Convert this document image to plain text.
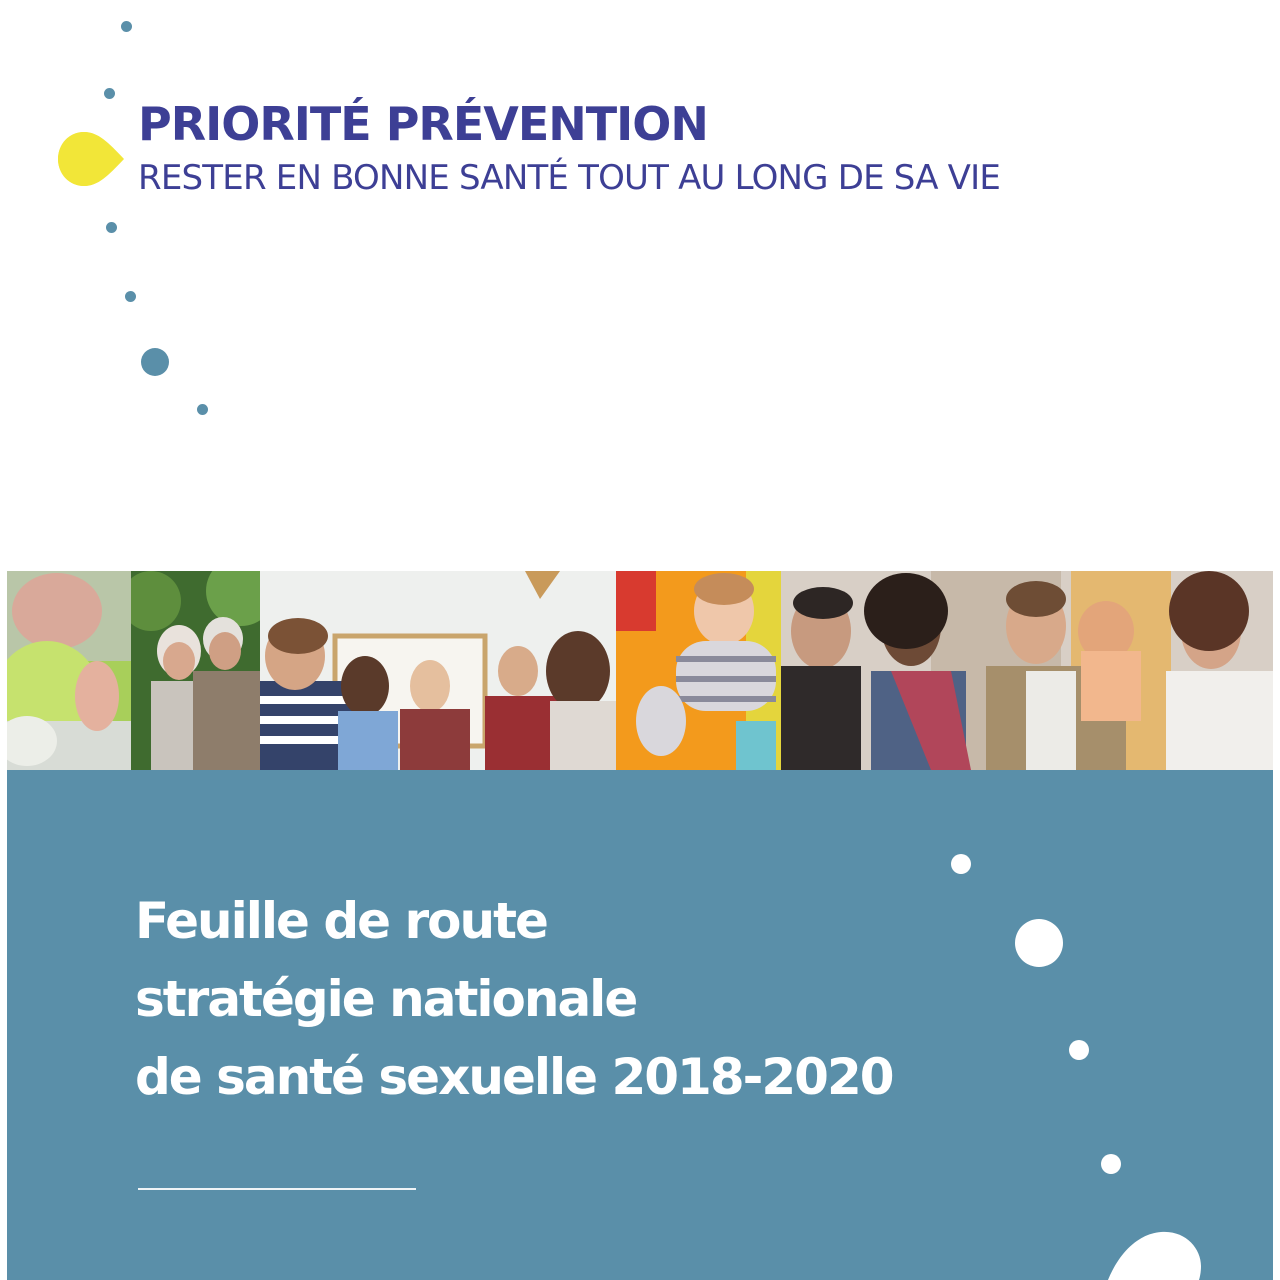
PRIORITÉ PRÉVENTION
RESTER EN BONNE SANTÉ TOUT AU LONG DE SA VIE
Feuille de route
stratégie nationale
de santé sexuelle 2018-2020
